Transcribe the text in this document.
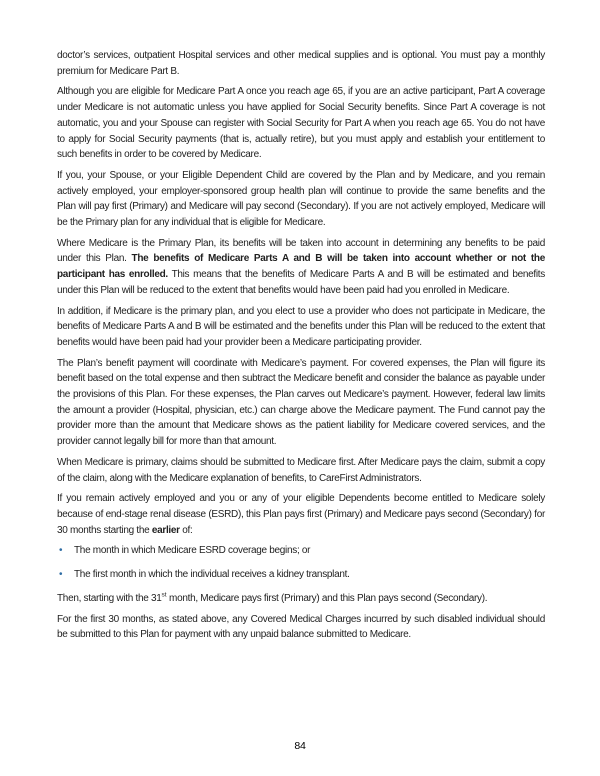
doctor’s services, outpatient Hospital services and other medical supplies and is optional. You must pay a monthly premium for Medicare Part B.

Although you are eligible for Medicare Part A once you reach age 65, if you are an active participant, Part A coverage under Medicare is not automatic unless you have applied for Social Security benefits. Since Part A coverage is not automatic, you and your Spouse can register with Social Security for Part A when you reach age 65. You do not have to apply for Social Security payments (that is, actually retire), but you must apply and establish your entitlement to such benefits in order to be covered by Medicare.

If you, your Spouse, or your Eligible Dependent Child are covered by the Plan and by Medicare, and you remain actively employed, your employer-sponsored group health plan will continue to provide the same benefits and the Plan will pay first (Primary) and Medicare will pay second (Secondary). If you are not actively employed, Medicare will be the Primary plan for any individual that is eligible for Medicare.

Where Medicare is the Primary Plan, its benefits will be taken into account in determining any benefits to be paid under this Plan. The benefits of Medicare Parts A and B will be taken into account whether or not the participant has enrolled. This means that the benefits of Medicare Parts A and B will be estimated and benefits under this Plan will be reduced to the extent that benefits would have been paid had you enrolled in Medicare.

In addition, if Medicare is the primary plan, and you elect to use a provider who does not participate in Medicare, the benefits of Medicare Parts A and B will be estimated and the benefits under this Plan will be reduced to the extent that benefits would have been paid had your provider been a Medicare participating provider.

The Plan’s benefit payment will coordinate with Medicare’s payment. For covered expenses, the Plan will figure its benefit based on the total expense and then subtract the Medicare benefit and consider the balance as payable under the provisions of this Plan. For these expenses, the Plan carves out Medicare’s payment. However, federal law limits the amount a provider (Hospital, physician, etc.) can charge above the Medicare payment. The Fund cannot pay the provider more than the amount that Medicare shows as the patient liability for Medicare covered services, and the provider cannot legally bill for more than that amount.

When Medicare is primary, claims should be submitted to Medicare first. After Medicare pays the claim, submit a copy of the claim, along with the Medicare explanation of benefits, to CareFirst Administrators.

If you remain actively employed and you or any of your eligible Dependents become entitled to Medicare solely because of end-stage renal disease (ESRD), this Plan pays first (Primary) and Medicare pays second (Secondary) for 30 months starting the earlier of:

• The month in which Medicare ESRD coverage begins; or
• The first month in which the individual receives a kidney transplant.

Then, starting with the 31st month, Medicare pays first (Primary) and this Plan pays second (Secondary).

For the first 30 months, as stated above, any Covered Medical Charges incurred by such disabled individual should be submitted to this Plan for payment with any unpaid balance submitted to Medicare.

84
